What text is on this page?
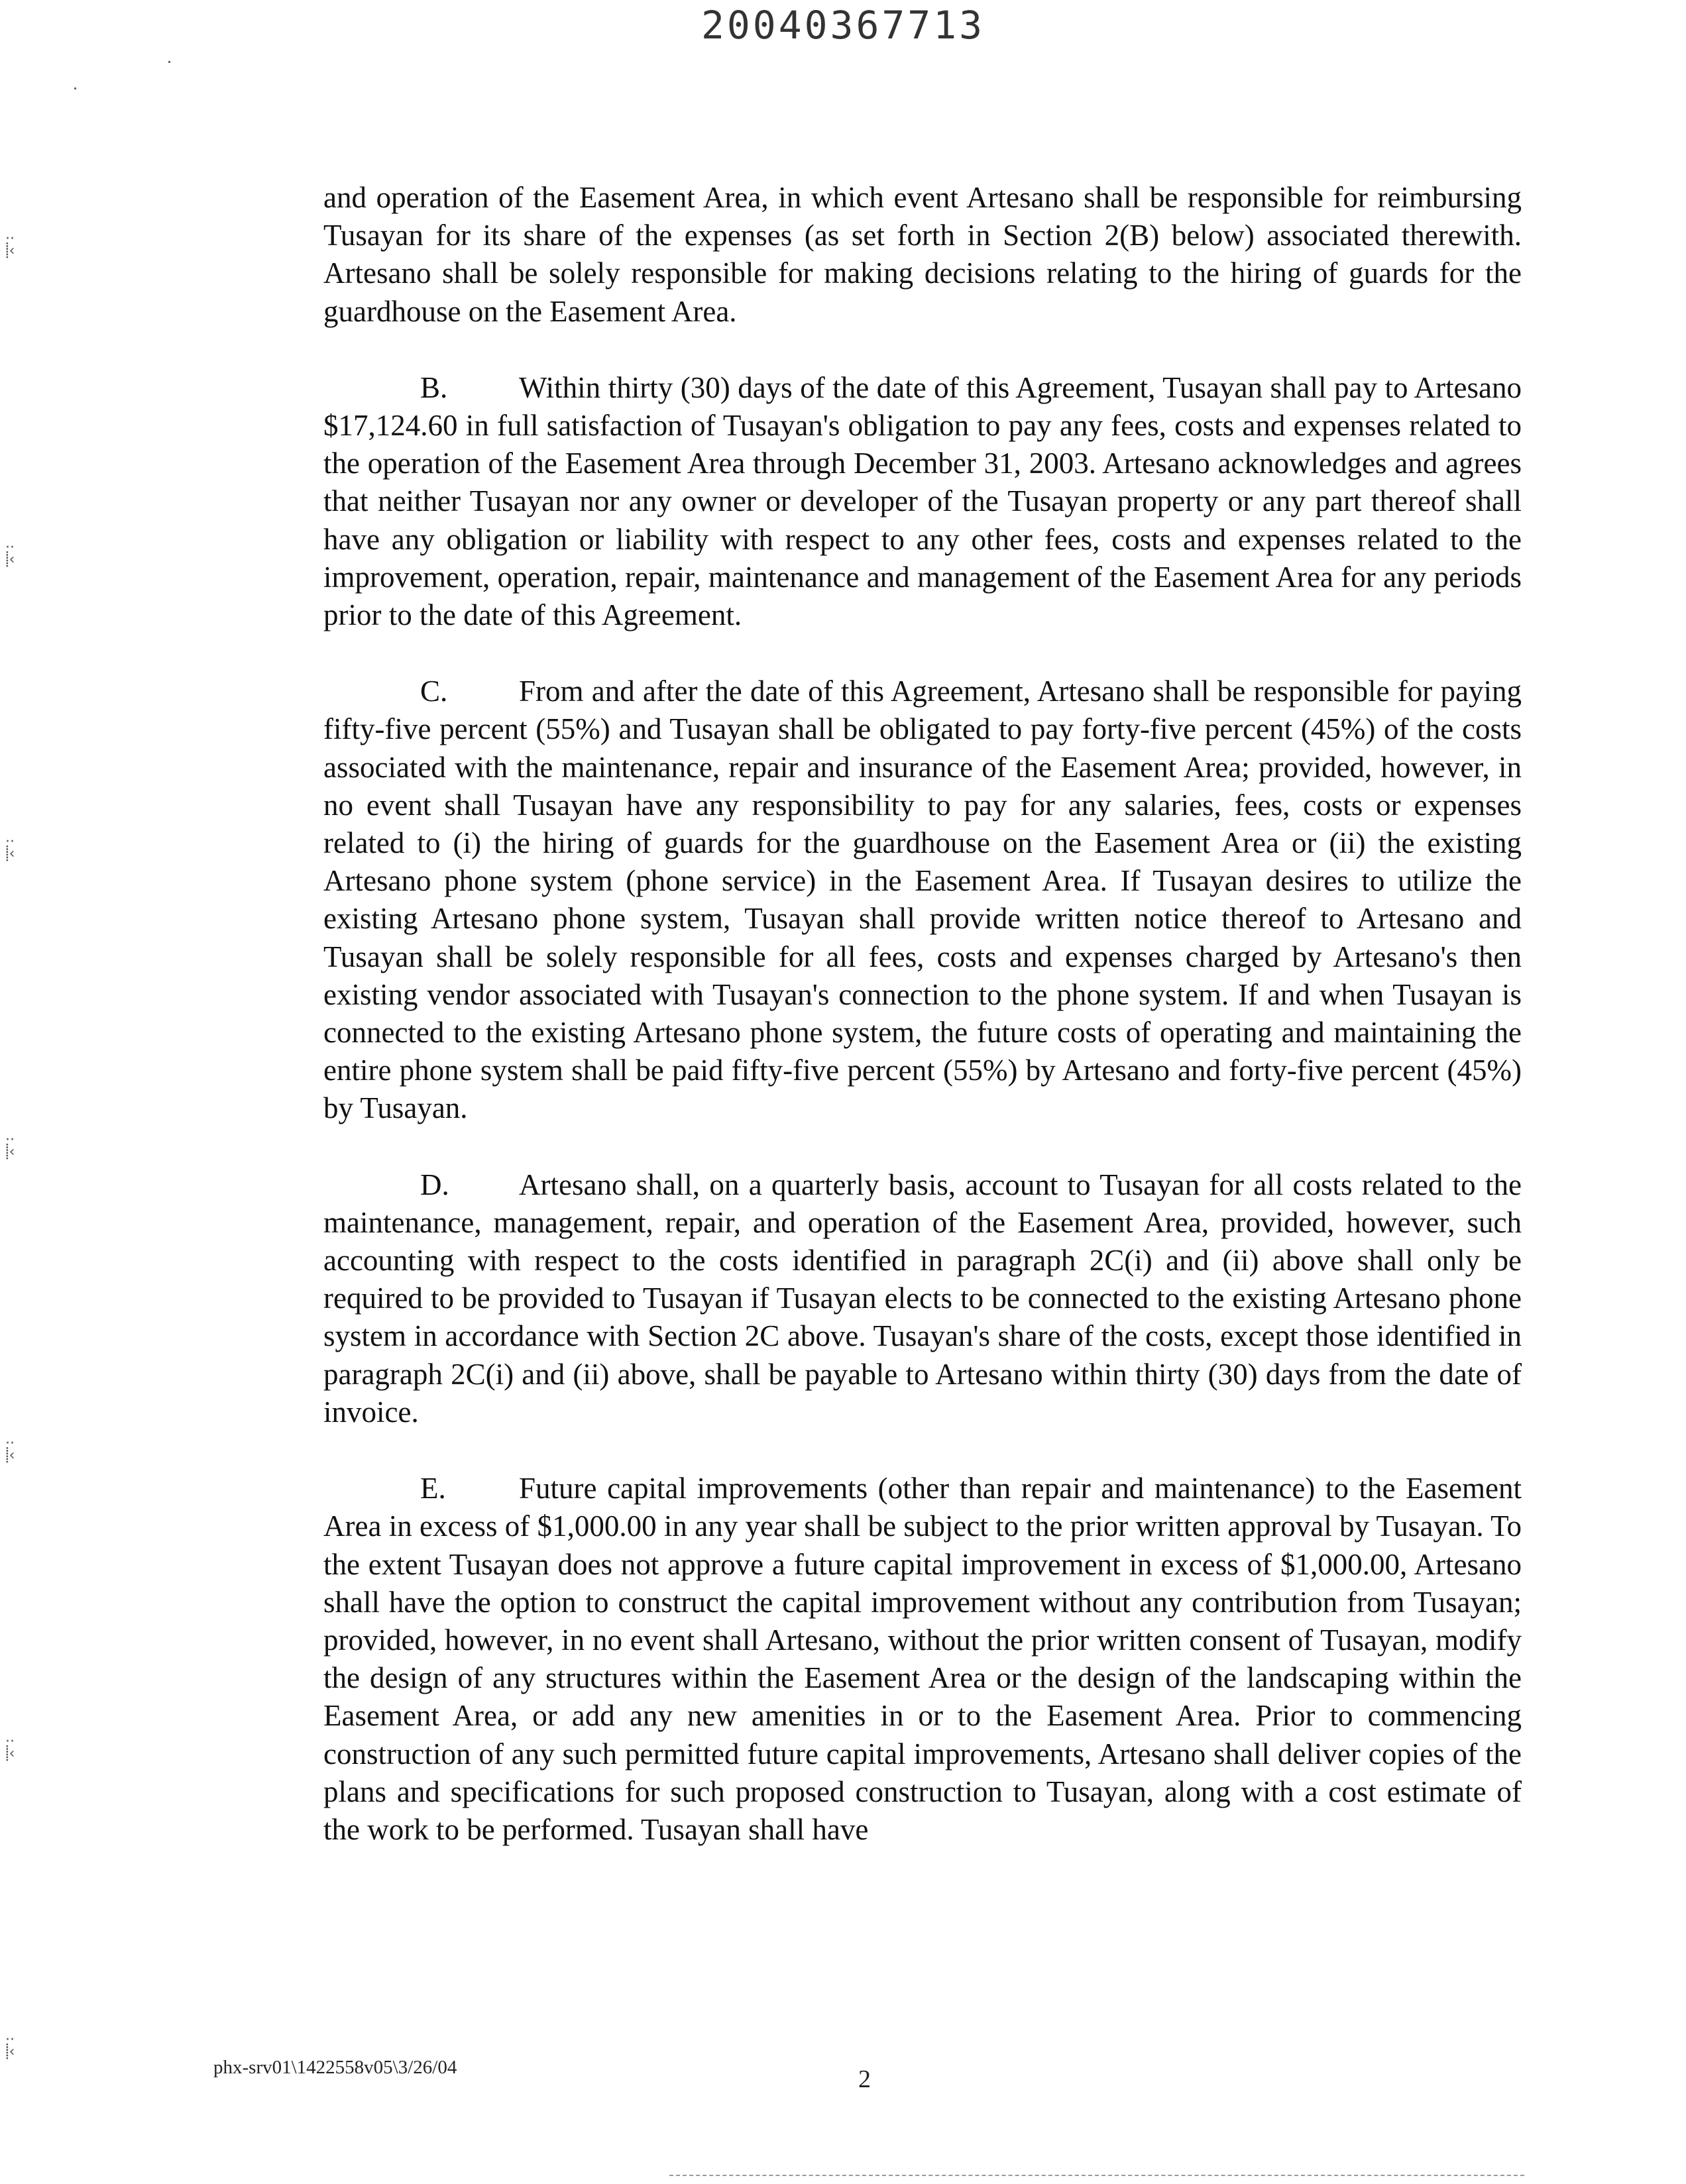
20040367713
··
⸽‹
··
⸽‹
··
⸽‹
··
⸽‹
··
⸽‹
··
⸽‹
··
⸽‹

and operation of the Easement Area, in which event Artesano shall be responsible for reimbursing Tusayan for its share of the expenses (as set forth in Section 2(B) below) associated therewith. Artesano shall be solely responsible for making decisions relating to the hiring of guards for the guardhouse on the Easement Area.

B. Within thirty (30) days of the date of this Agreement, Tusayan shall pay to Artesano $17,124.60 in full satisfaction of Tusayan's obligation to pay any fees, costs and expenses related to the operation of the Easement Area through December 31, 2003. Artesano acknowledges and agrees that neither Tusayan nor any owner or developer of the Tusayan property or any part thereof shall have any obligation or liability with respect to any other fees, costs and expenses related to the improvement, operation, repair, maintenance and management of the Easement Area for any periods prior to the date of this Agreement.

C. From and after the date of this Agreement, Artesano shall be responsible for paying fifty-five percent (55%) and Tusayan shall be obligated to pay forty-five percent (45%) of the costs associated with the maintenance, repair and insurance of the Easement Area; provided, however, in no event shall Tusayan have any responsibility to pay for any salaries, fees, costs or expenses related to (i) the hiring of guards for the guardhouse on the Easement Area or (ii) the existing Artesano phone system (phone service) in the Easement Area. If Tusayan desires to utilize the existing Artesano phone system, Tusayan shall provide written notice thereof to Artesano and Tusayan shall be solely responsible for all fees, costs and expenses charged by Artesano's then existing vendor associated with Tusayan's connection to the phone system. If and when Tusayan is connected to the existing Artesano phone system, the future costs of operating and maintaining the entire phone system shall be paid fifty-five percent (55%) by Artesano and forty-five percent (45%) by Tusayan.

D. Artesano shall, on a quarterly basis, account to Tusayan for all costs related to the maintenance, management, repair, and operation of the Easement Area, provided, however, such accounting with respect to the costs identified in paragraph 2C(i) and (ii) above shall only be required to be provided to Tusayan if Tusayan elects to be connected to the existing Artesano phone system in accordance with Section 2C above. Tusayan's share of the costs, except those identified in paragraph 2C(i) and (ii) above, shall be payable to Artesano within thirty (30) days from the date of invoice.

E. Future capital improvements (other than repair and maintenance) to the Easement Area in excess of $1,000.00 in any year shall be subject to the prior written approval by Tusayan. To the extent Tusayan does not approve a future capital improvement in excess of $1,000.00, Artesano shall have the option to construct the capital improvement without any contribution from Tusayan; provided, however, in no event shall Artesano, without the prior written consent of Tusayan, modify the design of any structures within the Easement Area or the design of the landscaping within the Easement Area, or add any new amenities in or to the Easement Area. Prior to commencing construction of any such permitted future capital improvements, Artesano shall deliver copies of the plans and specifications for such proposed construction to Tusayan, along with a cost estimate of the work to be performed. Tusayan shall have

phx-srv01\1422558v05\3/26/04	2
